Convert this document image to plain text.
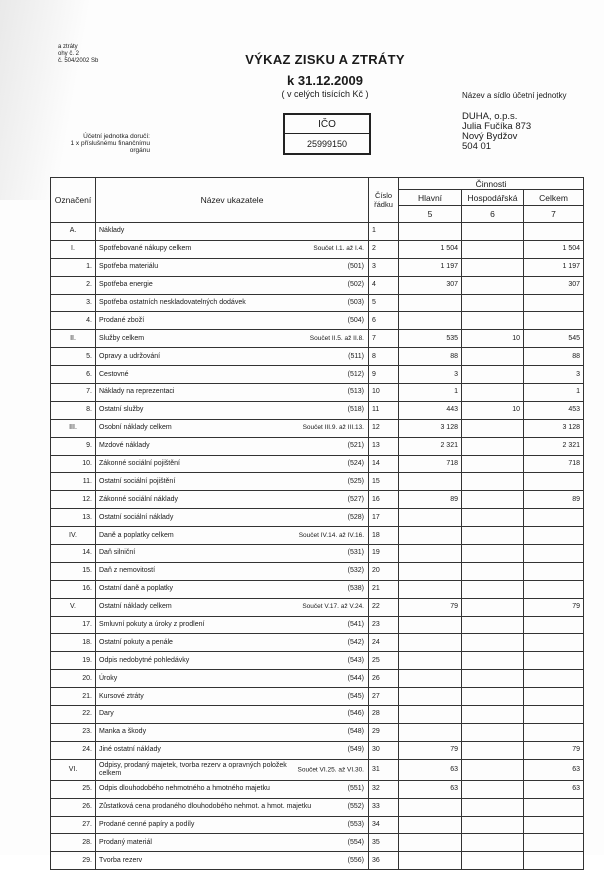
a ztráty
ohy č. 2
č. 504/2002 Sb	VÝKAZ ZISKU A ZTRÁTY
k 31.12.2009
( v celých tisících Kč )
IČO
25999150
Název a sídlo účetní jednotky
DUHA, o.p.s.
Julia Fučíka 873
Nový Bydžov
504 01
Účetní jednotka doručí:
1 x příslušnému finančnímu
orgánu
Označení	Název ukazatele	Číslo řádku	Činnosti		
			Hlavní	Hospodářská	Celkem
			5	6	7
A.	Náklady	1			
I.	Spotřebované nákupy celkem Součet I.1. až I.4.	2	1 504		1 504
1.	Spotřeba materiálu (501)	3	1 197		1 197
2.	Spotřeba energie (502)	4	307		307
3.	Spotřeba ostatních neskladovatelných dodávek (503)	5			
4.	Prodané zboží (504)	6			
II.	Služby celkem Součet II.5. až II.8.	7	535	10	545
5.	Opravy a udržování (511)	8	88		88
6.	Cestovné (512)	9	3		3
7.	Náklady na reprezentaci (513)	10	1		1
8.	Ostatní služby (518)	11	443	10	453
III.	Osobní náklady celkem Součet III.9. až III.13.	12	3 128		3 128
9.	Mzdové náklady (521)	13	2 321		2 321
10.	Zákonné sociální pojištění (524)	14	718		718
11.	Ostatní sociální pojištění (525)	15			
12.	Zákonné sociální náklady (527)	16	89		89
13.	Ostatní sociální náklady (528)	17			
IV.	Daně a poplatky celkem Součet IV.14. až IV.16.	18			
14.	Daň silniční (531)	19			
15.	Daň z nemovitostí (532)	20			
16.	Ostatní daně a poplatky (538)	21			
V.	Ostatní náklady celkem Součet V.17. až V.24.	22	79		79
17.	Smluvní pokuty a úroky z prodlení (541)	23			
18.	Ostatní pokuty a penále (542)	24			
19.	Odpis nedobytné pohledávky (543)	25			
20.	Úroky (544)	26			
21.	Kursové ztráty (545)	27			
22.	Dary (546)	28			
23.	Manka a škody (548)	29			
24.	Jiné ostatní náklady (549)	30	79		79
VI.	Odpisy, prodaný majetek, tvorba rezerv a opravných položek celkem
Součet VI.25. až VI.30.	31	63		63
25.	Odpis dlouhodobého nehmotného a hmotného majetku (551)	32	63		63
26.	Zůstatková cena prodaného dlouhodobého nehmot. a hmot. majetku (552)	33			
27.	Prodané cenné papíry a podíly (553)	34			
28.	Prodaný materiál (554)	35			
29.	Tvorba rezerv (556)	36			
